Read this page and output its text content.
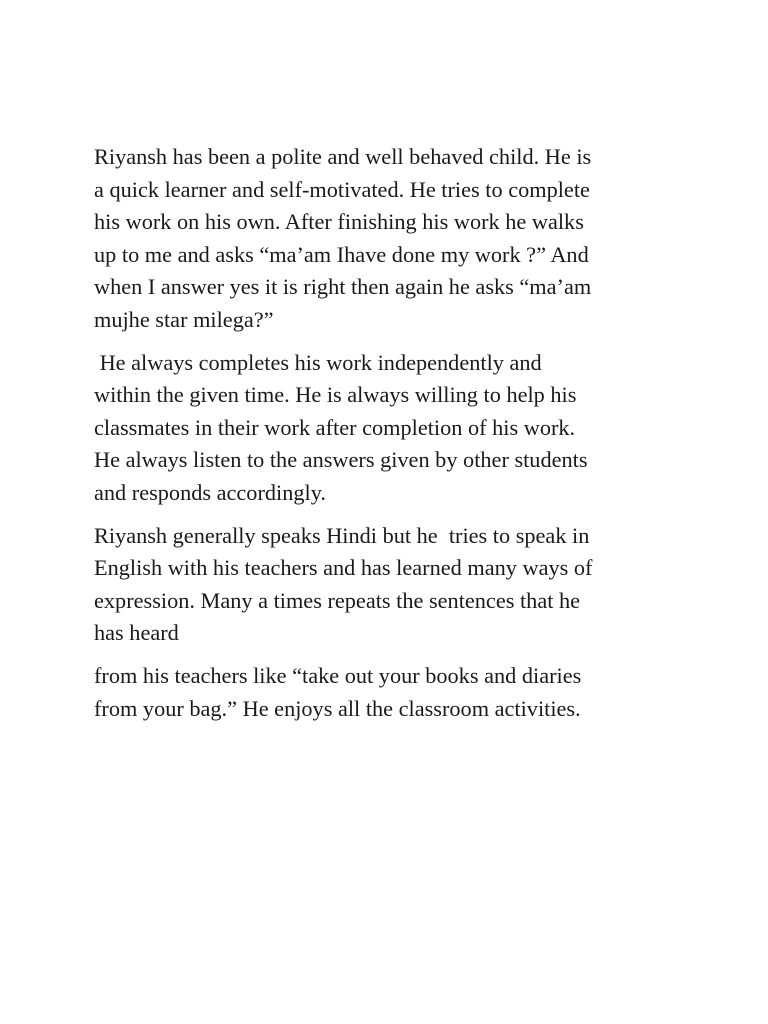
Riyansh has been a polite and well behaved child. He is
a quick learner and self-motivated. He tries to complete
his work on his own. After finishing his work he walks
up to me and asks “ma’am Ihave done my work ?” And
when I answer yes it is right then again he asks “ma’am
mujhe star milega?”

He always completes his work independently and
within the given time. He is always willing to help his
classmates in their work after completion of his work.
He always listen to the answers given by other students
and responds accordingly.

Riyansh generally speaks Hindi but he  tries to speak in
English with his teachers and has learned many ways of
expression. Many a times repeats the sentences that he
has heard

from his teachers like “take out your books and diaries
from your bag.” He enjoys all the classroom activities.
